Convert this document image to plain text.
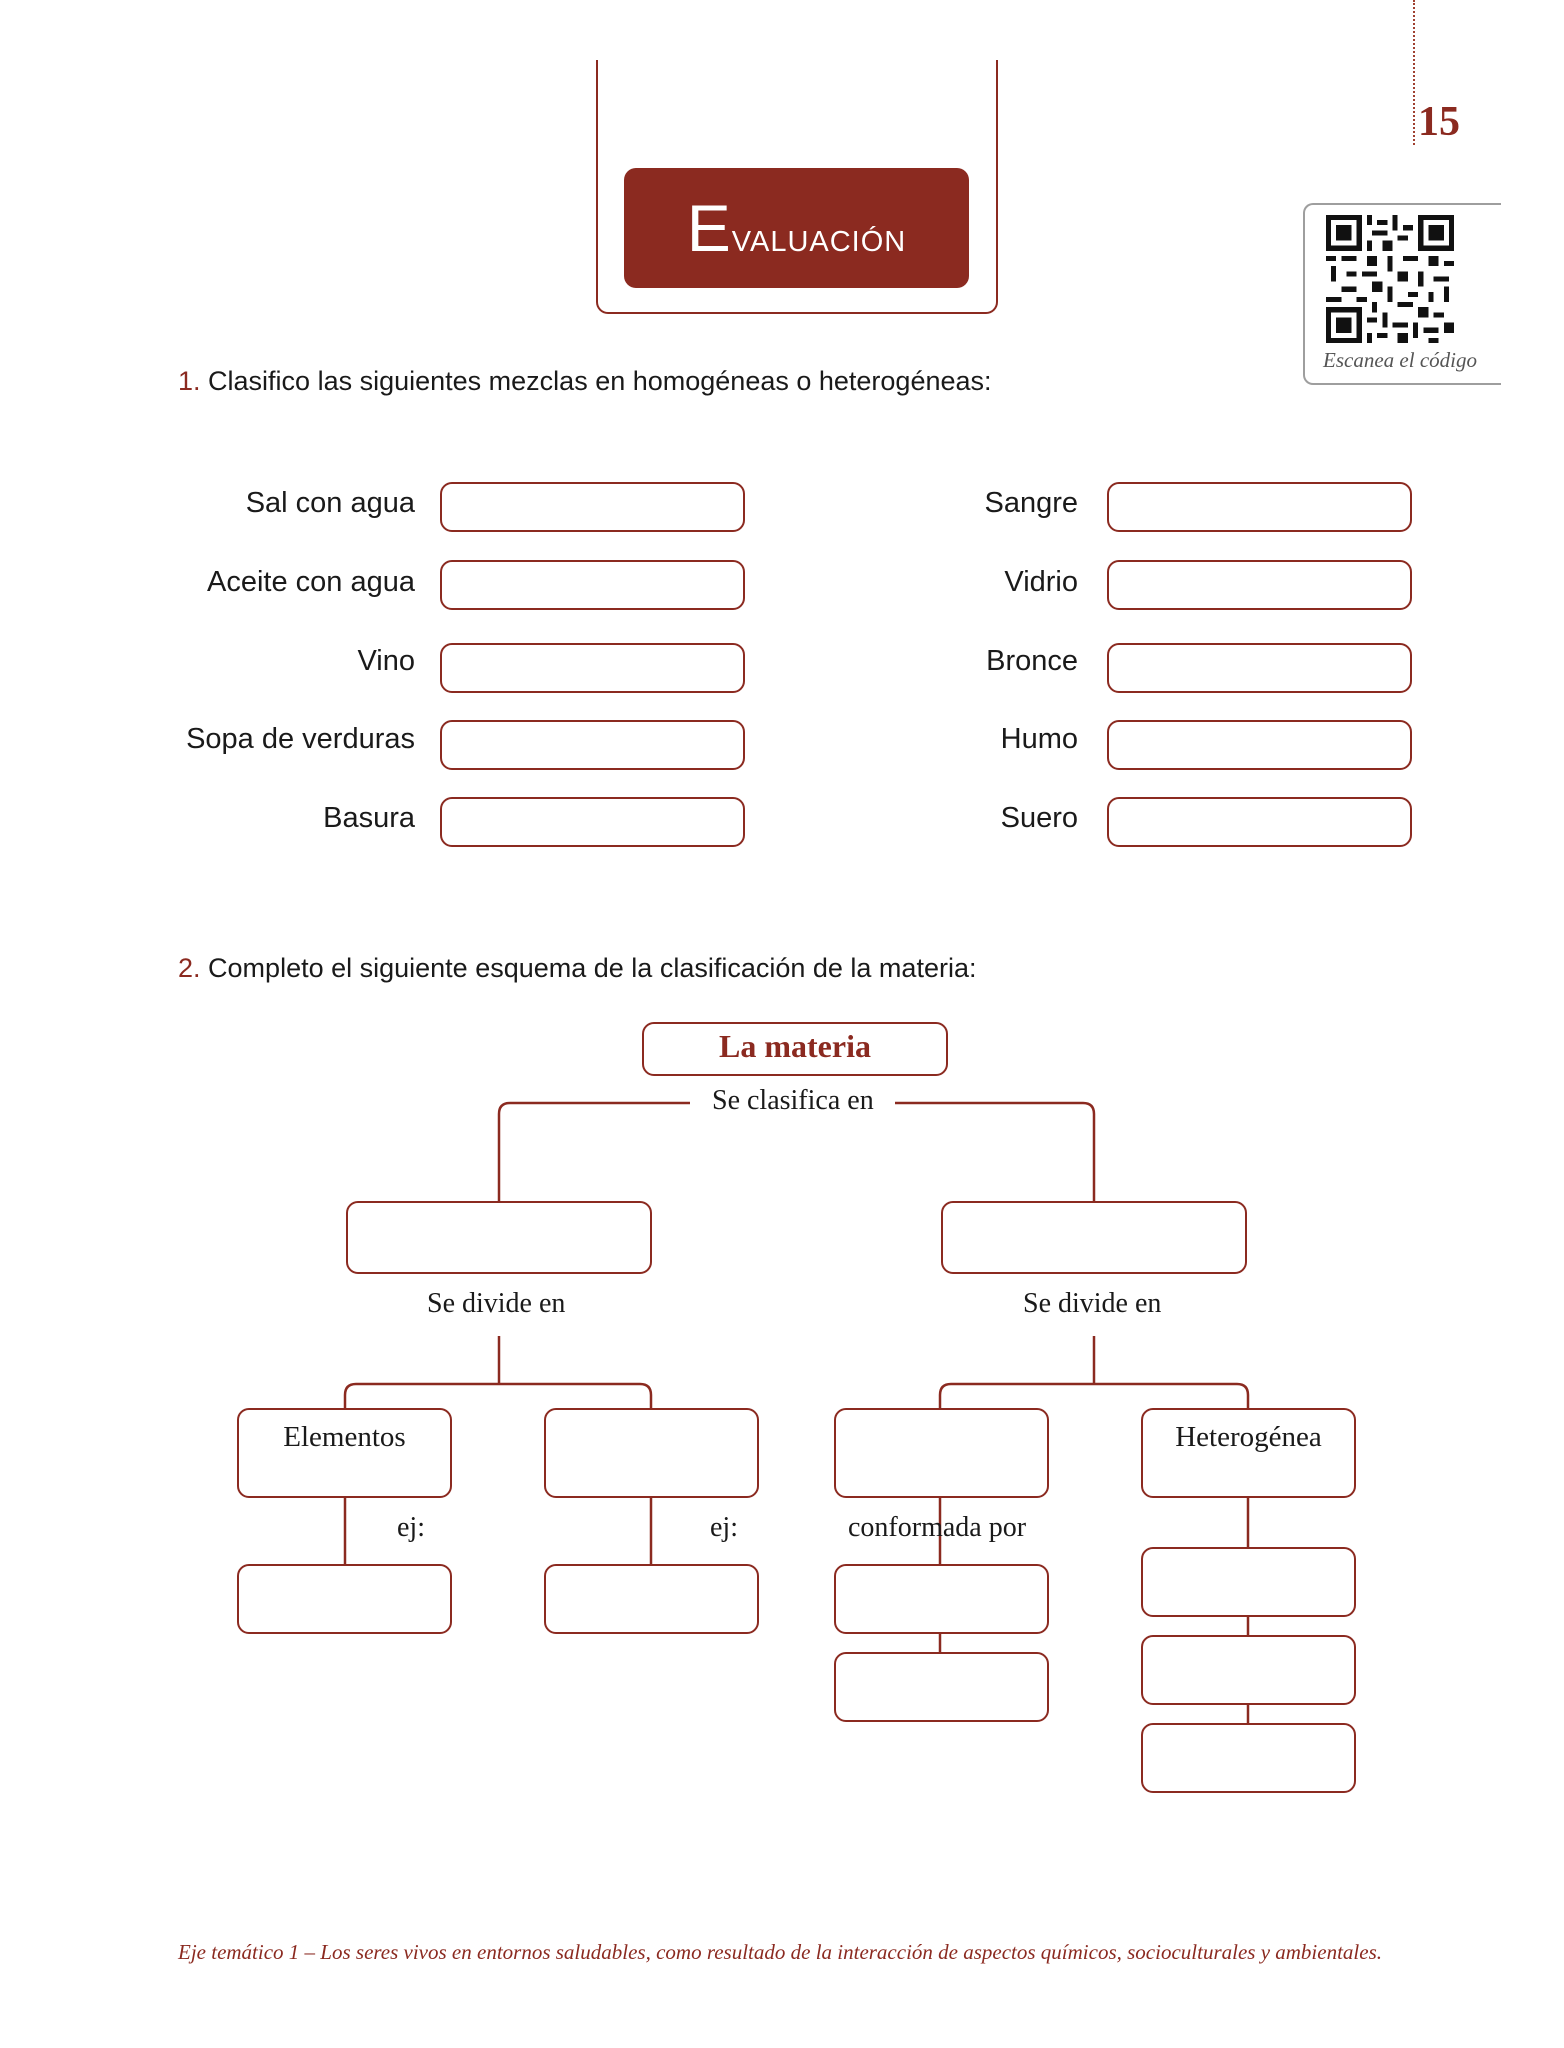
15
Escanea el código
Evaluación
1. Clasifico las siguientes mezclas en homogéneas o heterogéneas:
Sal con agua
Aceite con agua
Vino
Sopa de verduras
Basura
Sangre
Vidrio
Bronce
Humo
Suero
2. Completo el siguiente esquema de la clasificación de la materia:
La materia
Se clasifica en
Se divide en	Se divide en
Elementos	Heterogénea
ej:	ej:	conformada por
Eje temático 1 – Los seres vivos en entornos saludables, como resultado de la interacción de aspectos químicos, socioculturales y ambientales.
